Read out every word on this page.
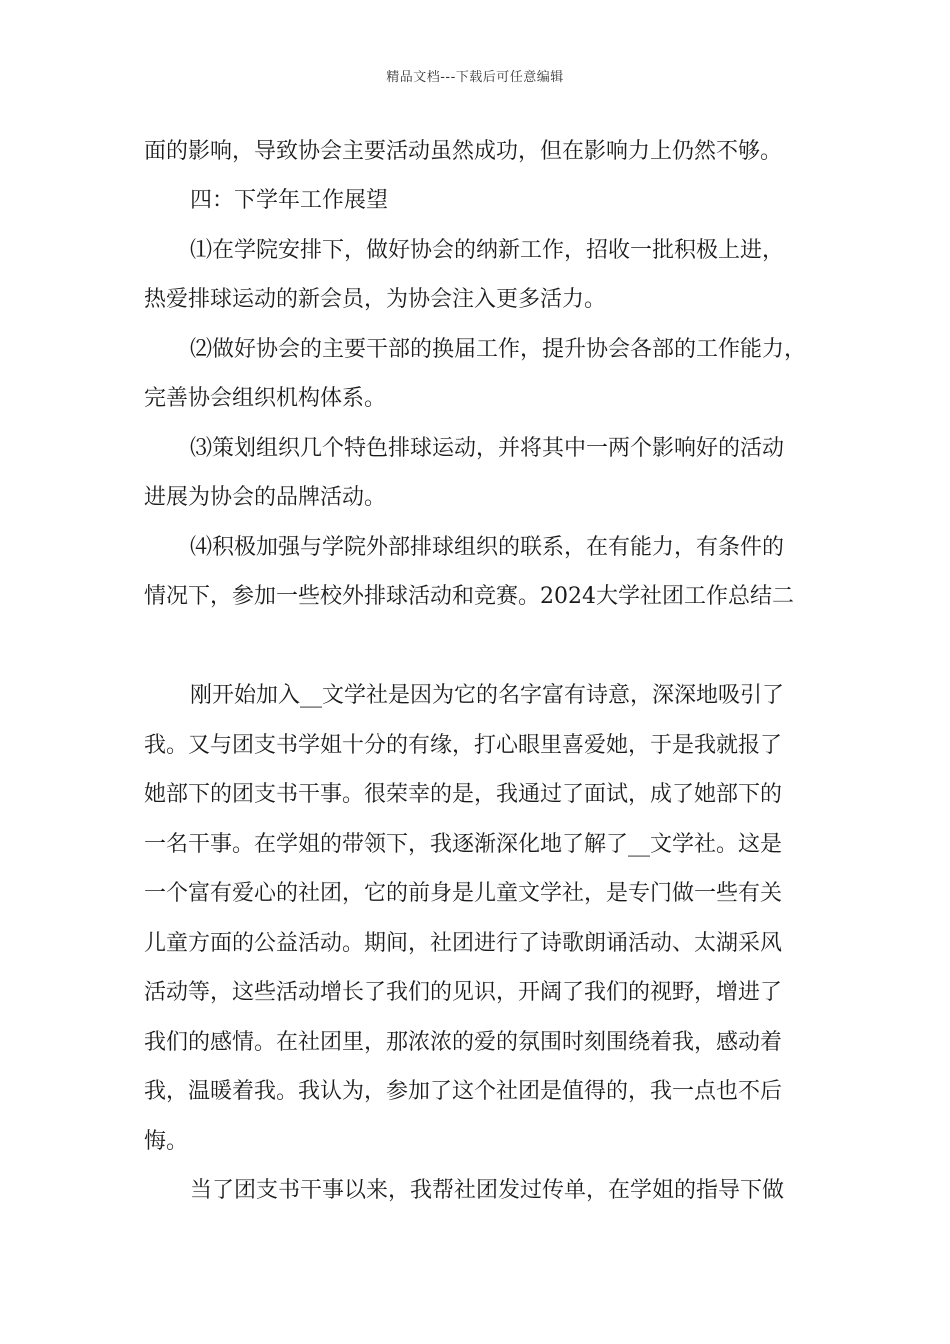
精品文档---下载后可任意编辑
面的影响，导致协会主要活动虽然成功，但在影响力上仍然不够。
四：下学年工作展望
⑴在学院安排下，做好协会的纳新工作，招收一批积极上进，
热爱排球运动的新会员，为协会注入更多活力。
⑵做好协会的主要干部的换届工作，提升协会各部的工作能力，
完善协会组织机构体系。
⑶策划组织几个特色排球运动，并将其中一两个影响好的活动
进展为协会的品牌活动。
⑷积极加强与学院外部排球组织的联系，在有能力，有条件的
情况下，参加一些校外排球活动和竞赛。2024大学社团工作总结二
刚开始加入__文学社是因为它的名字富有诗意，深深地吸引了
我。又与团支书学姐十分的有缘，打心眼里喜爱她，于是我就报了
她部下的团支书干事。很荣幸的是，我通过了面试，成了她部下的
一名干事。在学姐的带领下，我逐渐深化地了解了__文学社。这是
一个富有爱心的社团，它的前身是儿童文学社，是专门做一些有关
儿童方面的公益活动。期间，社团进行了诗歌朗诵活动、太湖采风
活动等，这些活动增长了我们的见识，开阔了我们的视野，增进了
我们的感情。在社团里，那浓浓的爱的氛围时刻围绕着我，感动着
我，温暖着我。我认为，参加了这个社团是值得的，我一点也不后
悔。
当了团支书干事以来，我帮社团发过传单，在学姐的指导下做
